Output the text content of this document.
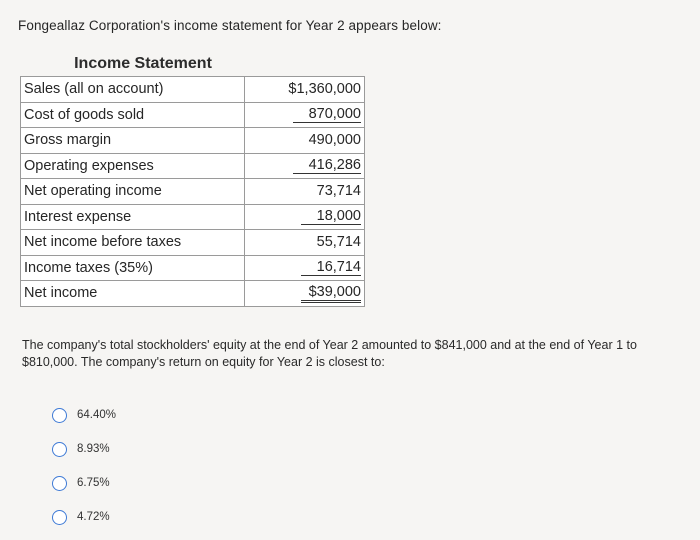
Fongeallaz Corporation's income statement for Year 2 appears below:
Income Statement
Sales (all on account)		$1,360,000
Cost of goods sold		870,000
Gross margin		490,000
Operating expenses		416,286
Net operating income		73,714
Interest expense		18,000
Net income before taxes		55,714
Income taxes (35%)		16,714
Net income		$39,000
The company's total stockholders' equity at the end of Year 2 amounted to $841,000 and at the end of Year 1 to $810,000. The company's return on equity for Year 2 is closest to:
64.40%
8.93%
6.75%
4.72%
